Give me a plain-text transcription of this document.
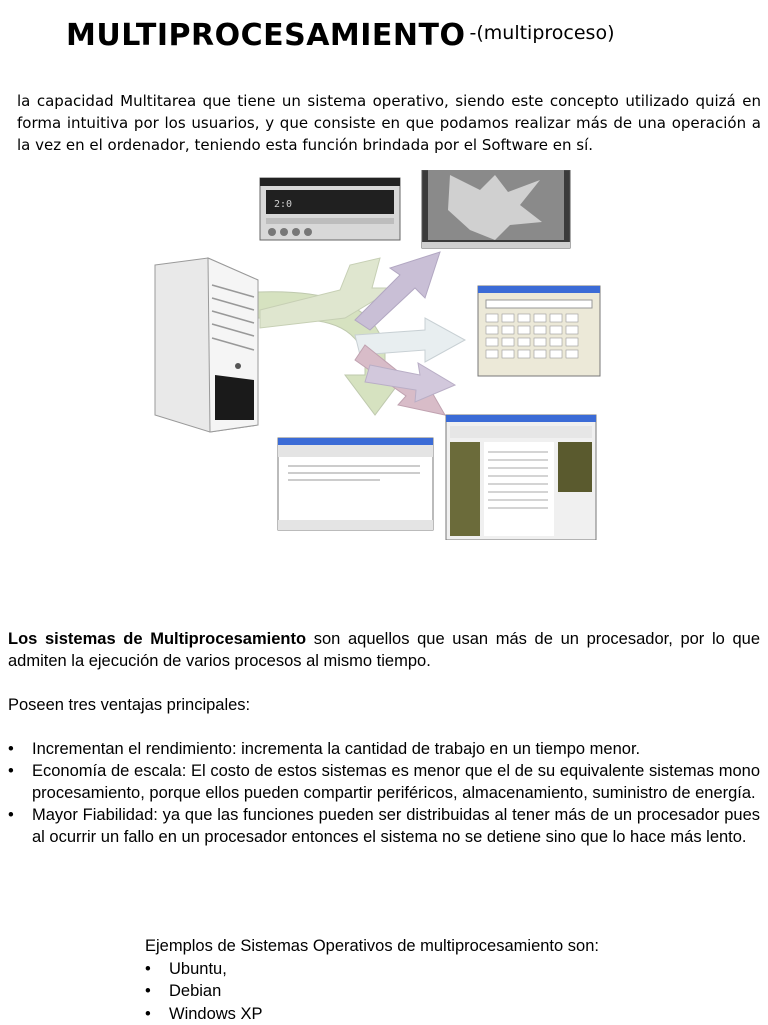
MULTIPROCESAMIENTO -(multiproceso)
la capacidad Multitarea que tiene un sistema operativo, siendo este concepto utilizado quizá en forma intuitiva por los usuarios, y que consiste en que podamos realizar más de una operación a la vez en el ordenador, teniendo esta función brindada por el Software en sí.
2:0

Los sistemas de Multiprocesamiento son aquellos que usan más de un procesador, por lo que admiten la ejecución de varios procesos al mismo tiempo.

Poseen tres ventajas principales:

• Incrementan el rendimiento: incrementa la cantidad de trabajo en un tiempo menor.
• Economía de escala: El costo de estos sistemas es menor que el de su equivalente sistemas mono procesamiento, porque ellos pueden compartir periféricos, almacenamiento, suministro de energía.
• Mayor Fiabilidad: ya que las funciones pueden ser distribuidas al tener más de un procesador pues al ocurrir un fallo en un procesador entonces el sistema no se detiene sino que lo hace más lento.
Ejemplos de Sistemas Operativos de multiprocesamiento son:
• Ubuntu,
• Debian
• Windows XP
